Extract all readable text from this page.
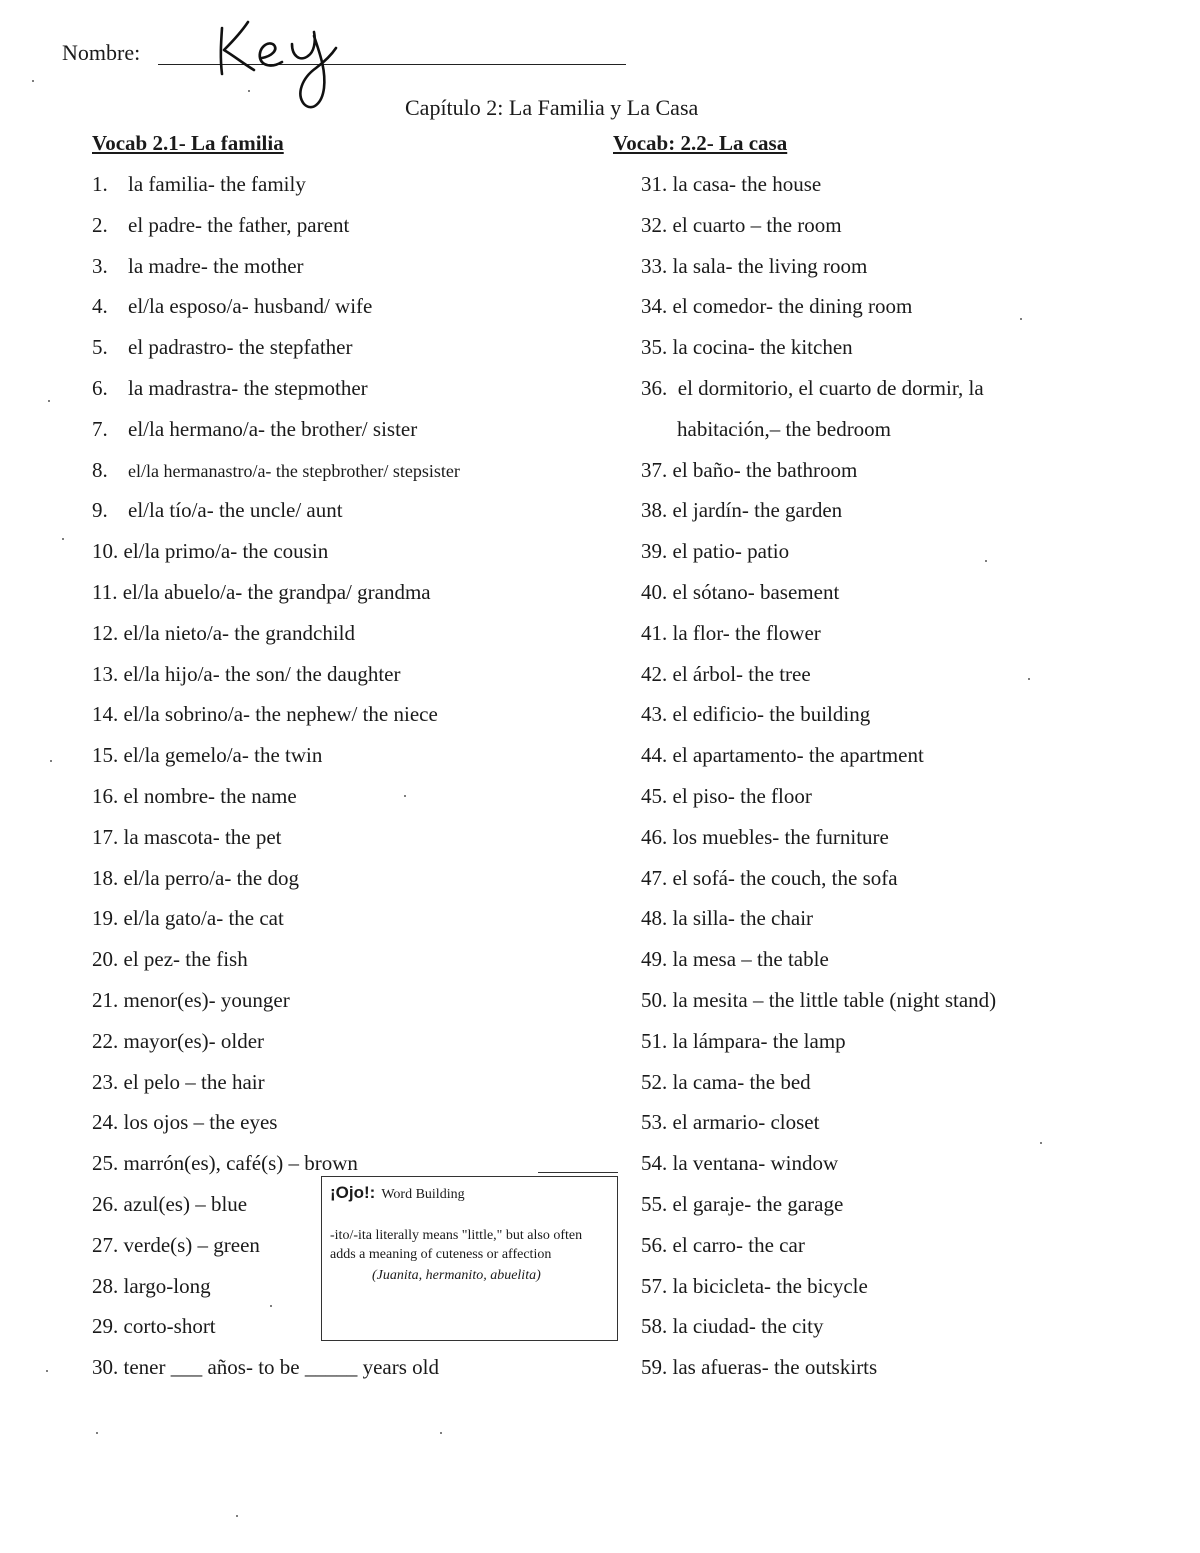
Nombre:
Capítulo 2: La Familia y La Casa
Vocab 2.1- La familia	Vocab: 2.2- La casa
1. la familia- the family
2. el padre- the father, parent
3. la madre- the mother
4. el/la esposo/a- husband/ wife
5. el padrastro- the stepfather
6. la madrastra- the stepmother
7. el/la hermano/a- the brother/ sister
8. el/la hermanastro/a- the stepbrother/ stepsister
9. el/la tío/a- the uncle/ aunt
10. el/la primo/a- the cousin
11. el/la abuelo/a- the grandpa/ grandma
12. el/la nieto/a- the grandchild
13. el/la hijo/a- the son/ the daughter
14. el/la sobrino/a- the nephew/ the niece
15. el/la gemelo/a- the twin
16. el nombre- the name
17. la mascota- the pet
18. el/la perro/a- the dog
19. el/la gato/a- the cat
20. el pez- the fish
21. menor(es)- younger
22. mayor(es)- older
23. el pelo – the hair
24. los ojos – the eyes
25. marrón(es), café(s) – brown
26. azul(es) – blue
27. verde(s) – green
28. largo-long
29. corto-short
30. tener ___ años- to be _____ years old
31. la casa- the house
32. el cuarto – the room
33. la sala- the living room
34. el comedor- the dining room
35. la cocina- the kitchen
36. el dormitorio, el cuarto de dormir, la
habitación,– the bedroom
37. el baño- the bathroom
38. el jardín- the garden
39. el patio- patio
40. el sótano- basement
41. la flor- the flower
42. el árbol- the tree
43. el edificio- the building
44. el apartamento- the apartment
45. el piso- the floor
46. los muebles- the furniture
47. el sofá- the couch, the sofa
48. la silla- the chair
49. la mesa – the table
50. la mesita – the little table (night stand)
51. la lámpara- the lamp
52. la cama- the bed
53. el armario- closet
54. la ventana- window
55. el garaje- the garage
56. el carro- the car
57. la bicicleta- the bicycle
58. la ciudad- the city
59. las afueras- the outskirts
¡Ojo!: Word Building
-ito/-ita literally means "little," but also often adds a meaning of cuteness or affection
(Juanita, hermanito, abuelita)
